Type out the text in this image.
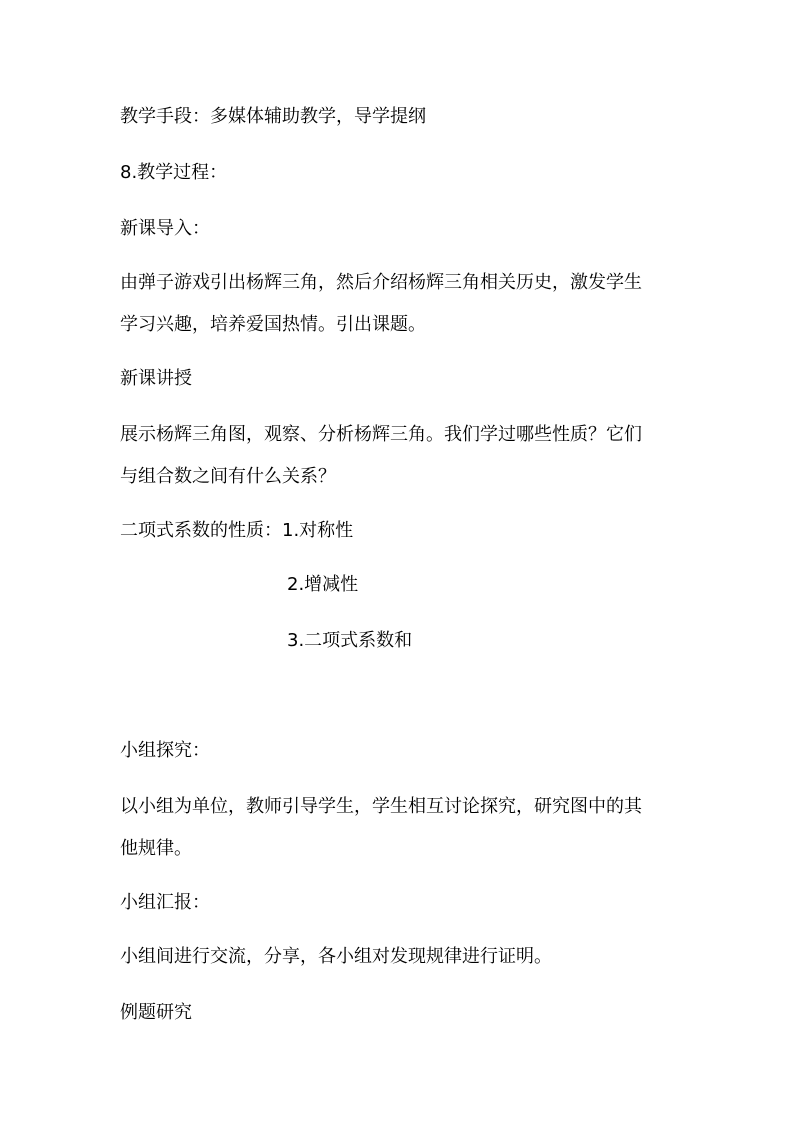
教学手段：多媒体辅助教学，导学提纲

8.教学过程：

新课导入：

由弹子游戏引出杨辉三角，然后介绍杨辉三角相关历史，激发学生

学习兴趣，培养爱国热情。引出课题。

新课讲授

展示杨辉三角图，观察、分析杨辉三角。我们学过哪些性质？它们

与组合数之间有什么关系？

二项式系数的性质：1.对称性

2.增减性

3.二项式系数和

小组探究：

以小组为单位，教师引导学生，学生相互讨论探究，研究图中的其

他规律。

小组汇报：

小组间进行交流，分享，各小组对发现规律进行证明。

例题研究
